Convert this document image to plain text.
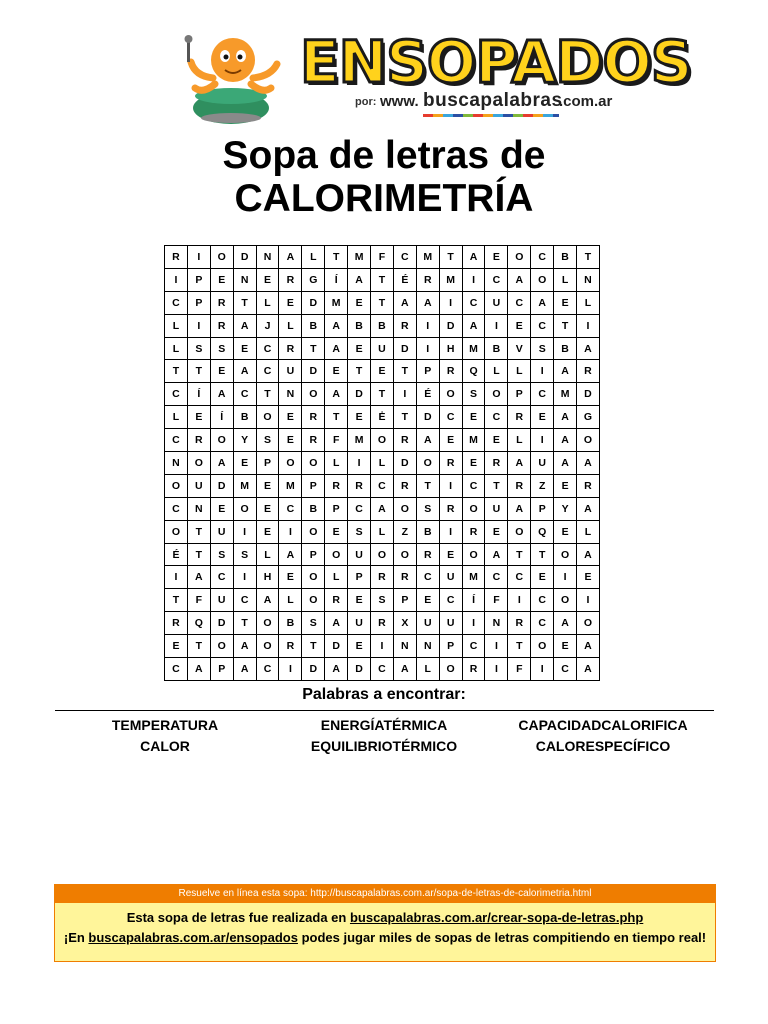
ENSOPADOS
por: www. buscapalabras
.com.ar
Sopa de letras de
CALORIMETRÍA
R	I	O	D	N	A	L	T	M	F	C	M	T	A	E	O	C	B	T
I	P	E	N	E	R	G	Í	A	T	É	R	M	I	C	A	O	L	N
C	P	R	T	L	E	D	M	E	T	A	A	I	C	U	C	A	E	L
L	I	R	A	J	L	B	A	B	B	R	I	D	A	I	E	C	T	I
L	S	S	E	C	R	T	A	E	U	D	I	H	M	B	V	S	B	A
T	T	E	A	C	U	D	E	T	E	T	P	R	Q	L	L	I	A	R
C	Í	A	C	T	N	O	A	D	T	I	É	O	S	O	P	C	M	D
L	E	Í	B	O	E	R	T	E	Ė	T	D	C	E	C	R	E	A	G
C	R	O	Y	S	E	R	F	M	O	R	A	E	M	E	L	I	A	O
N	O	A	E	P	O	O	L	I	L	D	O	R	E	R	A	U	A	A
O	U	D	M	E	M	P	R	R	C	R	T	I	C	T	R	Z	E	R
C	N	E	O	E	C	B	P	C	A	O	S	R	O	U	A	P	Y	A
O	T	U	I	E	I	O	E	S	L	Z	B	I	R	E	O	Q	E	L
É	T	S	S	L	A	P	O	U	O	O	R	E	O	A	T	T	O	A
I	A	C	I	H	E	O	L	P	R	R	C	U	M	C	C	E	I	E
T	F	U	C	A	L	O	R	E	S	P	E	C	Í	F	I	C	O	I
R	Q	D	T	O	B	S	A	U	R	X	U	U	I	N	R	C	A	O
E	T	O	A	O	R	T	D	E	I	N	N	P	C	I	T	O	E	A
C	A	P	A	C	I	D	A	D	C	A	L	O	R	I	F	I	C	A
Palabras a encontrar:
TEMPERATURA	ENERGÍATÉRMICA	CAPACIDADCALORIFICA
CALOR	EQUILIBRIOTÉRMICO	CALORESPECÍFICO
Resuelve en línea esta sopa: http://buscapalabras.com.ar/sopa-de-letras-de-calorimetria.html
Esta sopa de letras fue realizada en buscapalabras.com.ar/crear-sopa-de-letras.php
¡En buscapalabras.com.ar/ensopados podes jugar miles de sopas de letras compitiendo en tiempo real!
